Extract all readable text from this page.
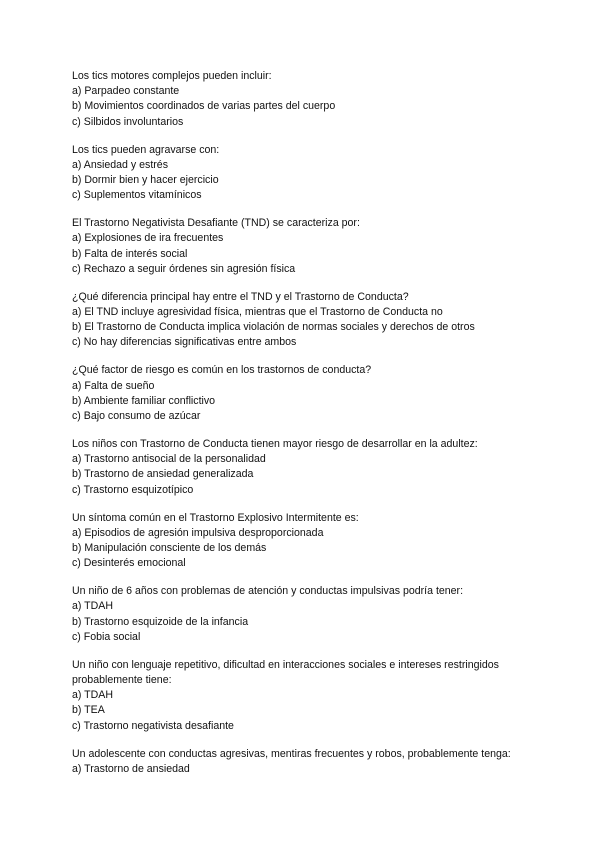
Los tics motores complejos pueden incluir:
a) Parpadeo constante
b) Movimientos coordinados de varias partes del cuerpo
c) Silbidos involuntarios
Los tics pueden agravarse con:
a) Ansiedad y estrés
b) Dormir bien y hacer ejercicio
c) Suplementos vitamínicos
El Trastorno Negativista Desafiante (TND) se caracteriza por:
a) Explosiones de ira frecuentes
b) Falta de interés social
c) Rechazo a seguir órdenes sin agresión física
¿Qué diferencia principal hay entre el TND y el Trastorno de Conducta?
a) El TND incluye agresividad física, mientras que el Trastorno de Conducta no
b) El Trastorno de Conducta implica violación de normas sociales y derechos de otros
c) No hay diferencias significativas entre ambos
¿Qué factor de riesgo es común en los trastornos de conducta?
a) Falta de sueño
b) Ambiente familiar conflictivo
c) Bajo consumo de azúcar
Los niños con Trastorno de Conducta tienen mayor riesgo de desarrollar en la adultez:
a) Trastorno antisocial de la personalidad
b) Trastorno de ansiedad generalizada
c) Trastorno esquizotípico
Un síntoma común en el Trastorno Explosivo Intermitente es:
a) Episodios de agresión impulsiva desproporcionada
b) Manipulación consciente de los demás
c) Desinterés emocional
Un niño de 6 años con problemas de atención y conductas impulsivas podría tener:
a) TDAH
b) Trastorno esquizoide de la infancia
c) Fobia social
Un niño con lenguaje repetitivo, dificultad en interacciones sociales e intereses restringidos probablemente tiene:
a) TDAH
b) TEA
c) Trastorno negativista desafiante
Un adolescente con conductas agresivas, mentiras frecuentes y robos, probablemente tenga:
a) Trastorno de ansiedad
